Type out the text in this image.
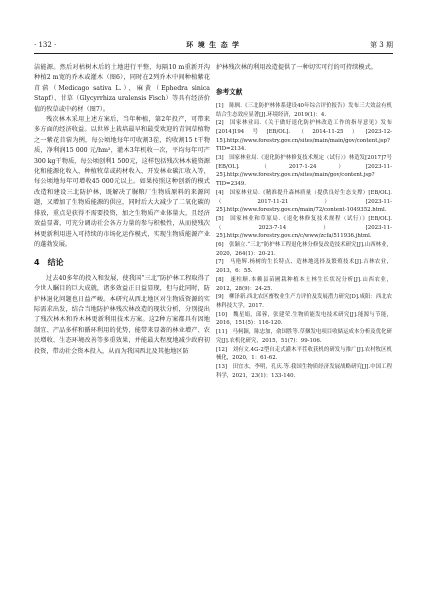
· 132 ·	环 境 生 态 学	第 3 期

洁能源。然后对枯树木后的土地进行平整，每隔10 m重新开沟种植2 m宽的乔木或灌木（图6），同时在2列乔木中间种植紫花苜蓿（Medicago sativa L.）、麻黄（Ephedra sinica Stapf）、甘草（Glycyrrhiza uralensis Fisch）等具有经济价值的牧草或中药材（图7）。

残次林木采用上述方案后，当年种植，第2年投产，可带来多方面的经济收益。以世界上栽培最早和最受欢迎的青饲草植物之一紫花苜蓿为例，每公顷地每年可收割3茬，约收割15 t干物质，净利润15 000 元/hm²，灌木3年机收一次，平均每年可产300 kg干物质，每公顷创利1 500元，这样包括残次林木能资源化和能源化收入、种植牧草或药材收入、开发林业碳汇收入等，每公顷地每年可增收45 000元以上。如果按照这种创新的模式改造和建设三北防护林，既解决了脲粮厂生物质原料的来源问题，又增加了生物质能源的供应，同时后大大减少了二氧化碳的排放，重点是获得不需要投资，加之生物质产业体量大，且经济效益显著，可充分调动社会各方力量的参与积极性，从而使残次林更新利用进入可持续的市场化运作模式，实现生物质能源产业的蓬勃发展。

4　结论

过去40多年的投入和发展，使我国“三北”防护林工程取得了令世人瞩目的巨大成就，诸多效益正日益显现，但与此同时，防护林退化问题也日益严峻。本研究从西北地区对生物质资源的实际需求出发，结合当地防护林残次林改造的现状分析，分别提出了残次林木和乔木林更新利用技术方案。这2种方案都具有因地制宜、产品多样和循环利用的优势，能带来显著的林业增产、农民增收、生态环境改善等多重效果，并能最大程度地减少政府初投资，带动社会资本投入，从而为我国西北及其他地区防

护林残次林的利用改造提供了一种切实可行的可持续模式。

参考文献
[1]　陈枫.《三北防护林体系建设40年综合评价报告》发布三大效益有机结合生态效应显著[J].环境经济，2019(1)：4.
[2]　国家林业局.《关于做好退化防护林改造工作的指导意见》发布[2014]194号[EB/OL].（2014-11-25）[2023-12-15].http://www.forestry.gov.cn/sites/main/main/gov/content.jsp?TID=2134.
[3]　国家林业局.《退化防护林修复技术规定（试行）》林造发[2017]7号[EB/OL].（2017-1-24）[2023-11-25].http://www.forestry.gov.cn/sites/main/gov/content.jsp?TID=2349.
[4]　国家林业局.《精准提升森林质量（提供良好生态支撑）[EB/OL].（2017-11-21）[2023-11-25].http://www.forestry.gov.cn/main/72/content-1049352.html.
[5]　国家林业和草原局.《退化林修复技术规程（试行）》[EB/OL].（2023-7-14）[2023-11-25].http://www.forestry.gov.cn/c/www/zcfa/511936.jhtml.
[6]　张颖立.“三北”防护林工程退化林分修复改造技术研究[J].山西林业，2020，264(1)：20-21.
[7]　马艳辉.杨树的生长特点、造林地选择及繁殖技术[J].吉林农业，2013，6：55.
[8]　速柱顺.本赖县苗圃栽种植本土林生长状况分析[J].山西农业，2012，28(9)：24-25.
[9]　柳泽新.西北农区畜牧业生产力评价及发展潜力研究[D].咸阳：西北农林科技大学，2017.
[10]　魏星娟，邱蓉，张建荣.生物质能发电技术研究[J].能源与节能，2016，151(5)：116-120.
[11]　马柯颖，陈忠加，俞国胜等.草捆发电项目收储运成本分析及优化研究[J].农机化研究，2015，51(7)：99-106.
[12]　刘有文.4G-2型自走式灌木平茬收获机的研发与推广[J].农村牧区机械化，2020，1：61-62.
[13]　田宜水，李明，孔庆.等.我国生物质经济发展战略研究[J].中国工程科学，2021，23(1)：133-140.
